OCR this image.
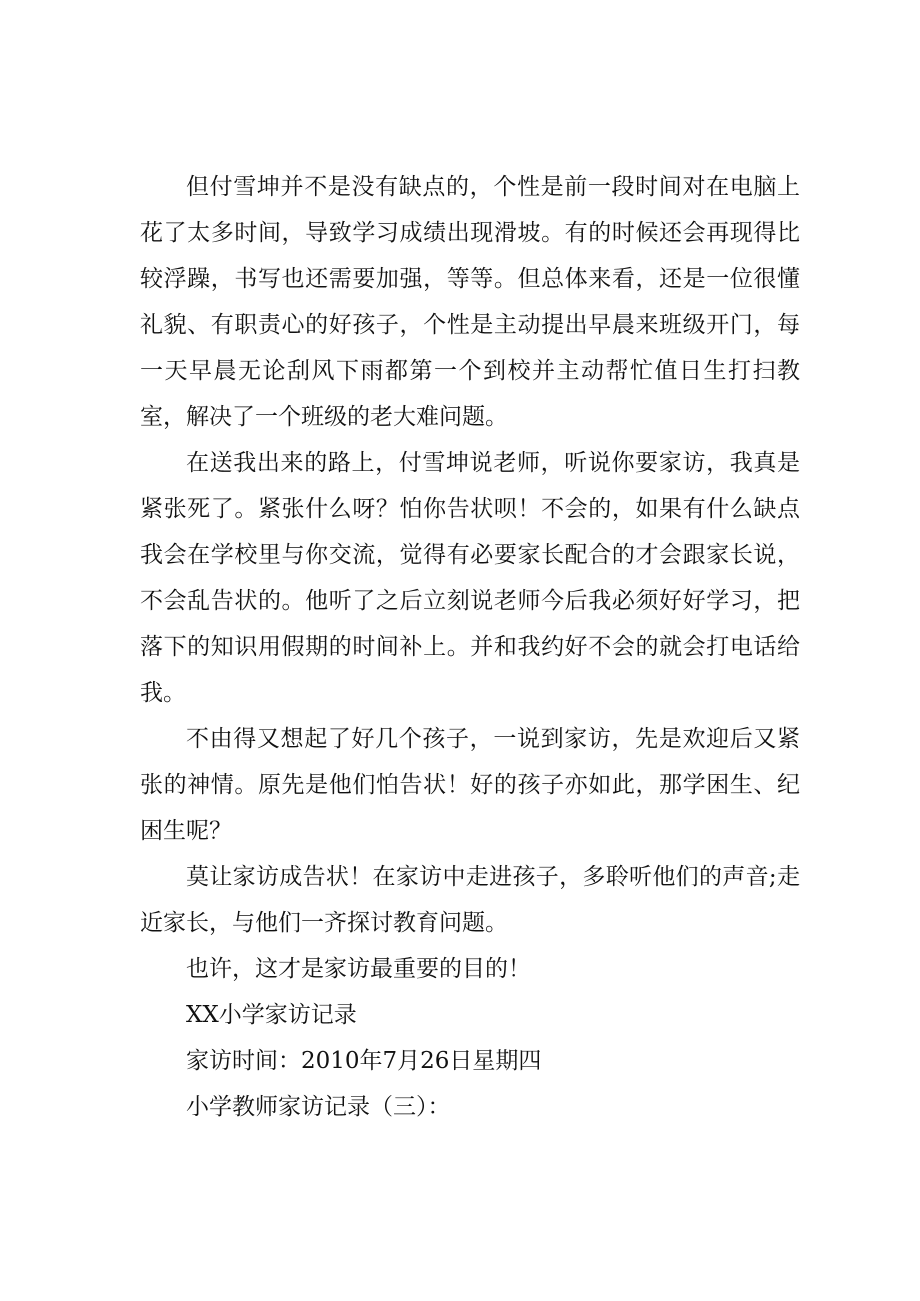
但付雪坤并不是没有缺点的，个性是前一段时间对在电脑上花了太多时间，导致学习成绩出现滑坡。有的时候还会再现得比较浮躁，书写也还需要加强，等等。但总体来看，还是一位很懂礼貌、有职责心的好孩子，个性是主动提出早晨来班级开门，每一天早晨无论刮风下雨都第一个到校并主动帮忙值日生打扫教室，解决了一个班级的老大难问题。

在送我出来的路上，付雪坤说老师，听说你要家访，我真是紧张死了。紧张什么呀？怕你告状呗！不会的，如果有什么缺点我会在学校里与你交流，觉得有必要家长配合的才会跟家长说，不会乱告状的。他听了之后立刻说老师今后我必须好好学习，把落下的知识用假期的时间补上。并和我约好不会的就会打电话给我。

不由得又想起了好几个孩子，一说到家访，先是欢迎后又紧张的神情。原先是他们怕告状！好的孩子亦如此，那学困生、纪困生呢？

莫让家访成告状！在家访中走进孩子，多聆听他们的声音;走近家长，与他们一齐探讨教育问题。

也许，这才是家访最重要的目的！

XX小学家访记录

家访时间：2010年7月26日星期四

小学教师家访记录（三）：
